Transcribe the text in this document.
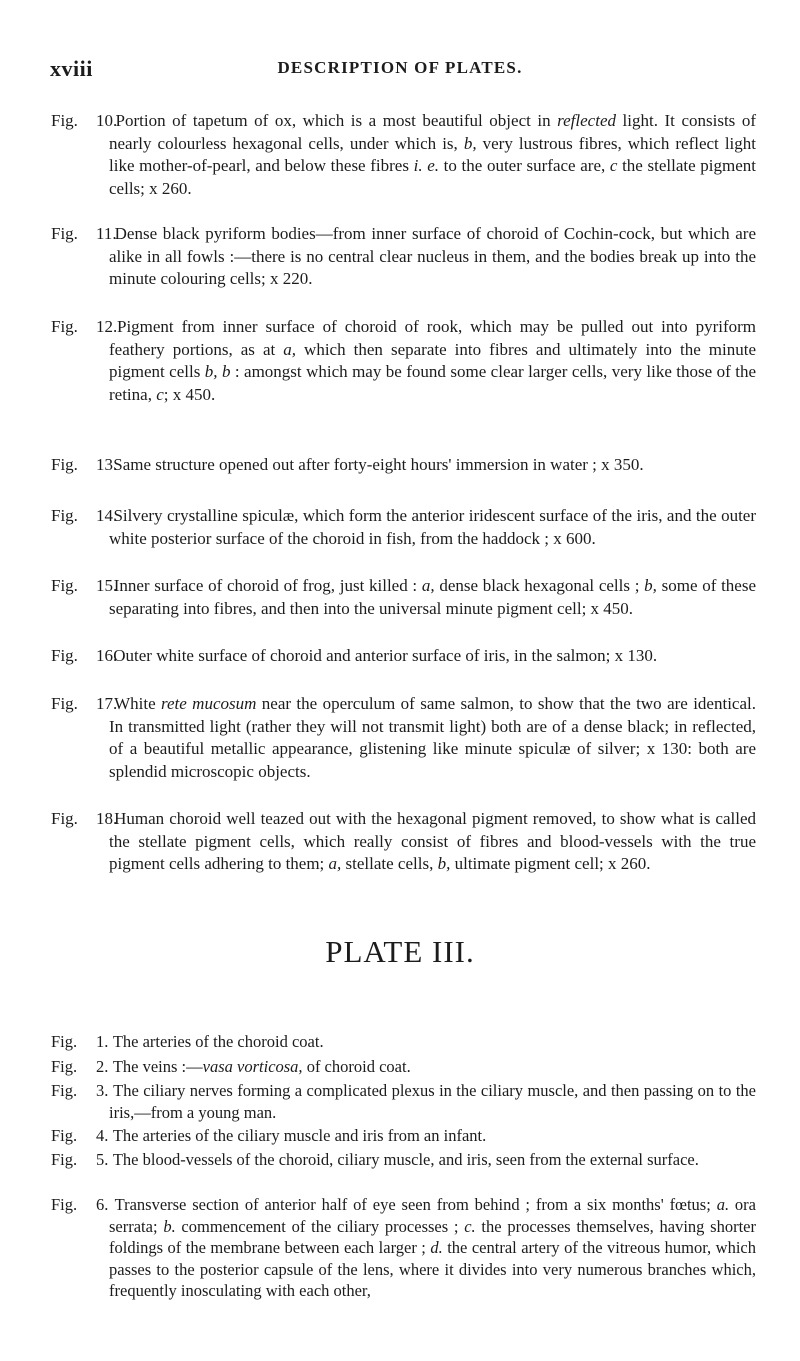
xviii	DESCRIPTION OF PLATES.
Fig. 10. Portion of tapetum of ox, which is a most beautiful object in reflected light. It consists of nearly colourless hexagonal cells, under which is, b, very lustrous fibres, which reflect light like mother-of-pearl, and below these fibres i. e. to the outer surface are, c the stellate pigment cells; x 260.
Fig. 11. Dense black pyriform bodies—from inner surface of choroid of Cochin-cock, but which are alike in all fowls :—there is no central clear nucleus in them, and the bodies break up into the minute colouring cells; x 220.
Fig. 12. Pigment from inner surface of choroid of rook, which may be pulled out into pyriform feathery portions, as at a, which then separate into fibres and ultimately into the minute pigment cells b, b : amongst which may be found some clear larger cells, very like those of the retina, c; x 450.
Fig. 13. Same structure opened out after forty-eight hours' immersion in water ; x 350.
Fig. 14. Silvery crystalline spiculæ, which form the anterior iridescent surface of the iris, and the outer white posterior surface of the choroid in fish, from the haddock ; x 600.
Fig. 15. Inner surface of choroid of frog, just killed : a, dense black hexagonal cells ; b, some of these separating into fibres, and then into the universal minute pigment cell; x 450.
Fig. 16. Outer white surface of choroid and anterior surface of iris, in the salmon; x 130.
Fig. 17. White rete mucosum near the operculum of same salmon, to show that the two are identical. In transmitted light (rather they will not transmit light) both are of a dense black; in reflected, of a beautiful metallic appearance, glistening like minute spiculæ of silver; x 130: both are splendid microscopic objects.
Fig. 18. Human choroid well teazed out with the hexagonal pigment removed, to show what is called the stellate pigment cells, which really consist of fibres and blood-vessels with the true pigment cells adhering to them; a, stellate cells, b, ultimate pigment cell; x 260.
PLATE III.
Fig. 1. The arteries of the choroid coat.
Fig. 2. The veins :—vasa vorticosa, of choroid coat.
Fig. 3. The ciliary nerves forming a complicated plexus in the ciliary muscle, and then passing on to the iris,—from a young man.
Fig. 4. The arteries of the ciliary muscle and iris from an infant.
Fig. 5. The blood-vessels of the choroid, ciliary muscle, and iris, seen from the external surface.
Fig. 6. Transverse section of anterior half of eye seen from behind ; from a six months' fœtus; a. ora serrata; b. commencement of the ciliary processes ; c. the processes themselves, having shorter foldings of the membrane between each larger ; d. the central artery of the vitreous humor, which passes to the posterior capsule of the lens, where it divides into very numerous branches which, frequently inosculating with each other,
